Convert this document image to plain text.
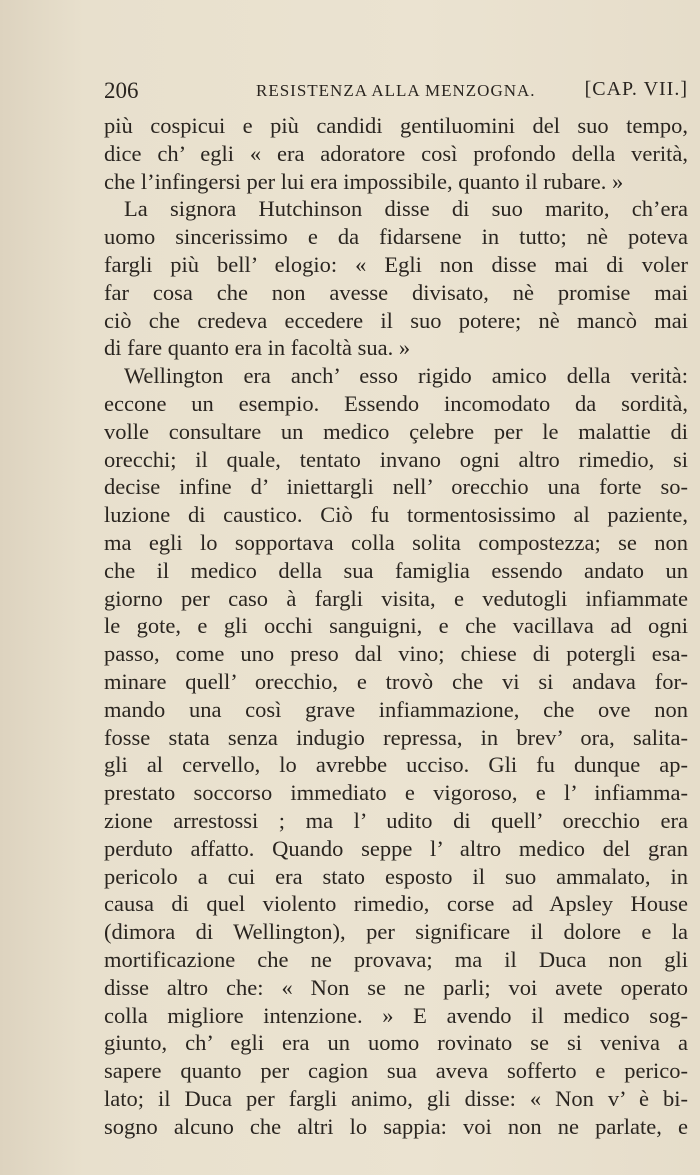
206	RESISTENZA ALLA MENZOGNA. [CAP. VII.]
più cospicui e più candidi gentiluomini del suo tempo,
dice ch’ egli « era adoratore così profondo della verità,
che l’infingersi per lui era impossibile, quanto il rubare. »
La signora Hutchinson disse di suo marito, ch’era
uomo sincerissimo e da fidarsene in tutto; nè poteva
fargli più bell’ elogio: « Egli non disse mai di voler
far cosa che non avesse divisato, nè promise mai
ciò che credeva eccedere il suo potere; nè mancò mai
di fare quanto era in facoltà sua. »
Wellington era anch’ esso rigido amico della verità:
eccone un esempio. Essendo incomodato da sordità,
volle consultare un medico çelebre per le malattie di
orecchi; il quale, tentato invano ogni altro rimedio, si
decise infine d’ iniettargli nell’ orecchio una forte so-
luzione di caustico. Ciò fu tormentosissimo al paziente,
ma egli lo sopportava colla solita compostezza; se non
che il medico della sua famiglia essendo andato un
giorno per caso à fargli visita, e vedutogli infiammate
le gote, e gli occhi sanguigni, e che vacillava ad ogni
passo, come uno preso dal vino; chiese di potergli esa-
minare quell’ orecchio, e trovò che vi si andava for-
mando una così grave infiammazione, che ove non
fosse stata senza indugio repressa, in brev’ ora, salita-
gli al cervello, lo avrebbe ucciso. Gli fu dunque ap-
prestato soccorso immediato e vigoroso, e l’ infiamma-
zione arrestossi ; ma l’ udito di quell’ orecchio era
perduto affatto. Quando seppe l’ altro medico del gran
pericolo a cui era stato esposto il suo ammalato, in
causa di quel violento rimedio, corse ad Apsley House
(dimora di Wellington), per significare il dolore e la
mortificazione che ne provava; ma il Duca non gli
disse altro che: « Non se ne parli; voi avete operato
colla migliore intenzione. » E avendo il medico sog-
giunto, ch’ egli era un uomo rovinato se si veniva a
sapere quanto per cagion sua aveva sofferto e perico-
lato; il Duca per fargli animo, gli disse: « Non v’ è bi-
sogno alcuno che altri lo sappia: voi non ne parlate, e
